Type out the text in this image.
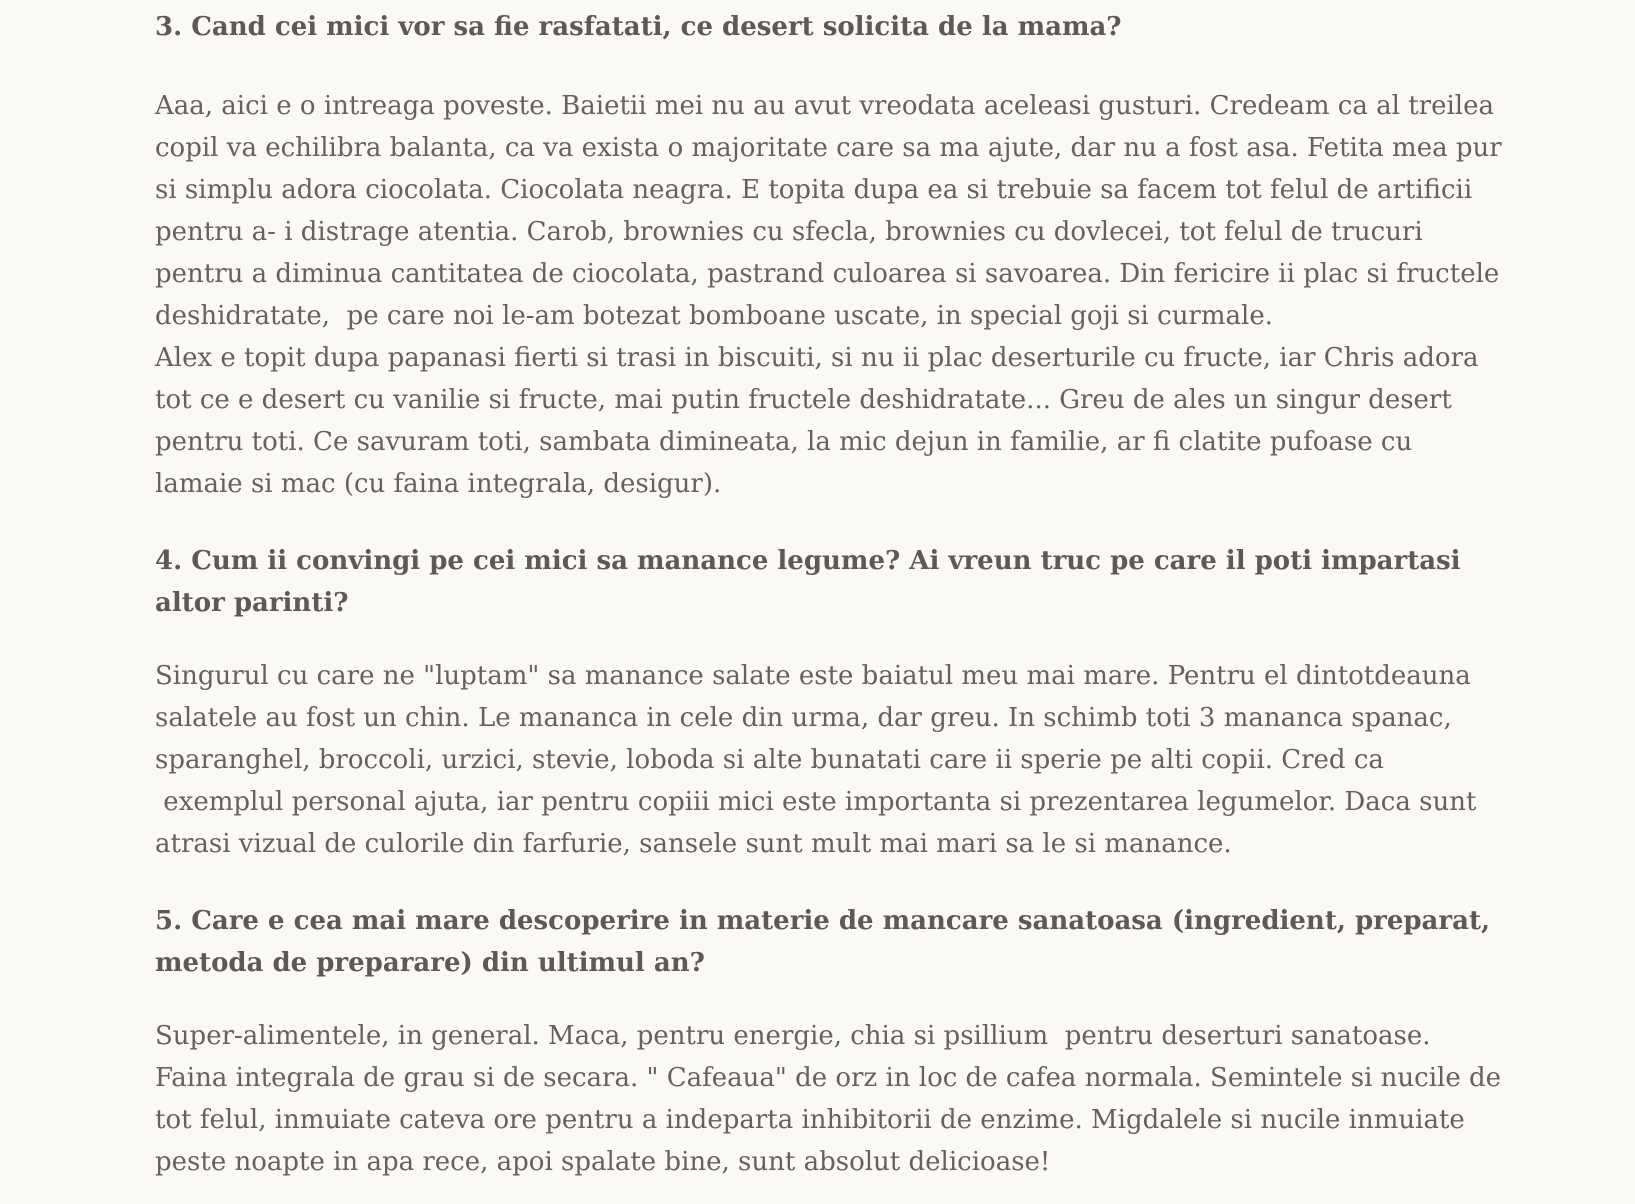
3. Cand cei mici vor sa fie rasfatati, ce desert solicita de la mama?
Aaa, aici e o intreaga poveste. Baietii mei nu au avut vreodata aceleasi gusturi. Credeam ca al treilea
copil va echilibra balanta, ca va exista o majoritate care sa ma ajute, dar nu a fost asa. Fetita mea pur
si simplu adora ciocolata. Ciocolata neagra. E topita dupa ea si trebuie sa facem tot felul de artificii
pentru a- i distrage atentia. Carob, brownies cu sfecla, brownies cu dovlecei, tot felul de trucuri
pentru a diminua cantitatea de ciocolata, pastrand culoarea si savoarea. Din fericire ii plac si fructele
deshidratate,  pe care noi le-am botezat bomboane uscate, in special goji si curmale.
Alex e topit dupa papanasi fierti si trasi in biscuiti, si nu ii plac deserturile cu fructe, iar Chris adora
tot ce e desert cu vanilie si fructe, mai putin fructele deshidratate... Greu de ales un singur desert
pentru toti. Ce savuram toti, sambata dimineata, la mic dejun in familie, ar fi clatite pufoase cu
lamaie si mac (cu faina integrala, desigur).
4. Cum ii convingi pe cei mici sa manance legume? Ai vreun truc pe care il poti impartasi
altor parinti?
Singurul cu care ne "luptam" sa manance salate este baiatul meu mai mare. Pentru el dintotdeauna
salatele au fost un chin. Le mananca in cele din urma, dar greu. In schimb toti 3 mananca spanac,
sparanghel, broccoli, urzici, stevie, loboda si alte bunatati care ii sperie pe alti copii. Cred ca
exemplul personal ajuta, iar pentru copiii mici este importanta si prezentarea legumelor. Daca sunt
atrasi vizual de culorile din farfurie, sansele sunt mult mai mari sa le si manance.
5. Care e cea mai mare descoperire in materie de mancare sanatoasa (ingredient, preparat,
metoda de preparare) din ultimul an?
Super-alimentele, in general. Maca, pentru energie, chia si psillium  pentru deserturi sanatoase.
Faina integrala de grau si de secara. " Cafeaua" de orz in loc de cafea normala. Semintele si nucile de
tot felul, inmuiate cateva ore pentru a indeparta inhibitorii de enzime. Migdalele si nucile inmuiate
peste noapte in apa rece, apoi spalate bine, sunt absolut delicioase!
